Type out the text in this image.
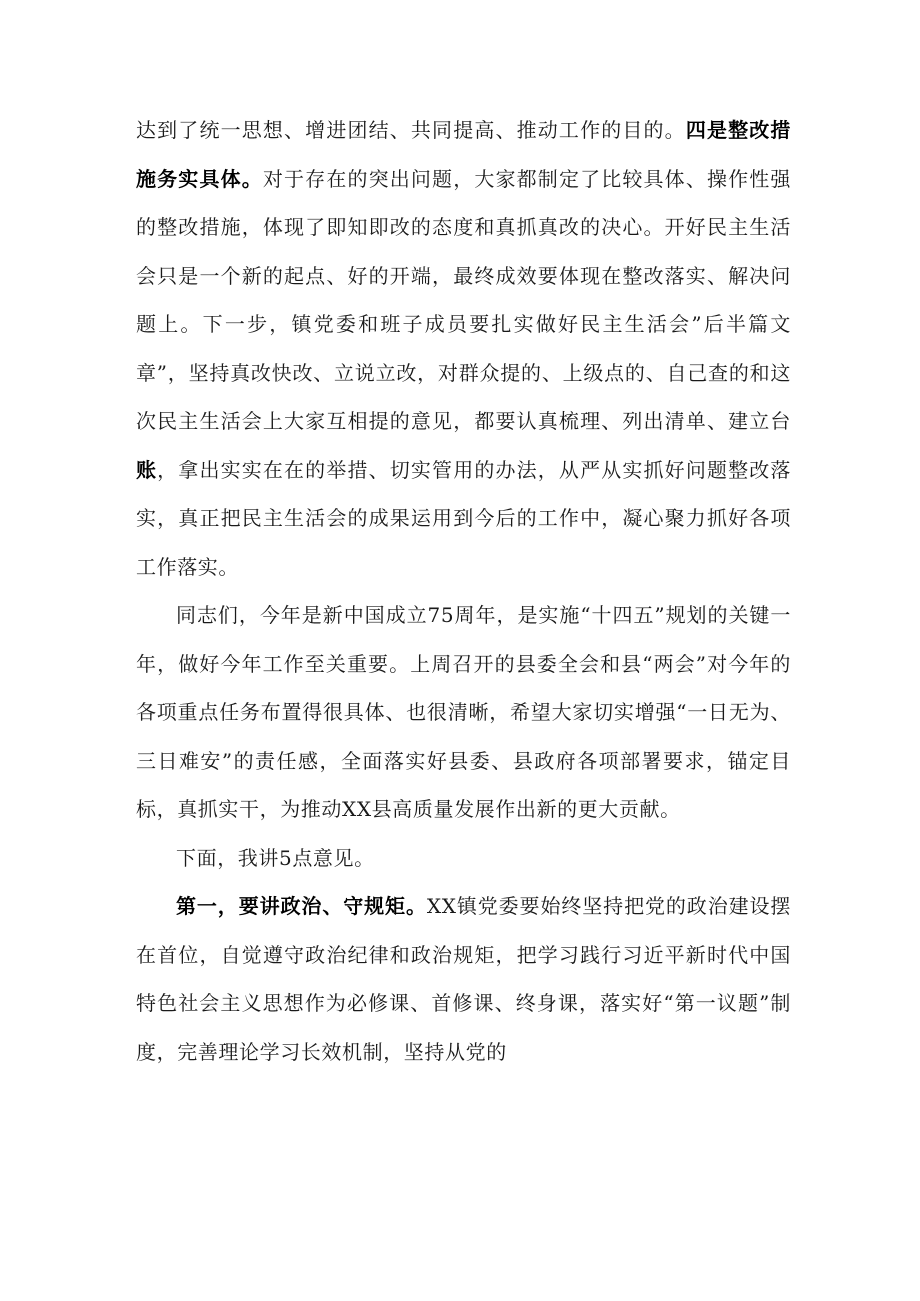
达到了统一思想、增进团结、共同提高、推动工作的目的。四是整改措施务实具体。对于存在的突出问题，大家都制定了比较具体、操作性强的整改措施，体现了即知即改的态度和真抓真改的决心。开好民主生活会只是一个新的起点、好的开端，最终成效要体现在整改落实、解决问题上。下一步，镇党委和班子成员要扎实做好民主生活会”后半篇文章”，坚持真改快改、立说立改，对群众提的、上级点的、自己查的和这次民主生活会上大家互相提的意见，都要认真梳理、列出清单、建立台账，拿出实实在在的举措、切实管用的办法，从严从实抓好问题整改落实，真正把民主生活会的成果运用到今后的工作中，凝心聚力抓好各项工作落实。

同志们，今年是新中国成立75周年，是实施“十四五”规划的关键一年，做好今年工作至关重要。上周召开的县委全会和县“两会”对今年的各项重点任务布置得很具体、也很清晰，希望大家切实增强“一日无为、三日难安”的责任感，全面落实好县委、县政府各项部署要求，锚定目标，真抓实干，为推动XX县高质量发展作出新的更大贡献。

下面，我讲5点意见。

第一，要讲政治、守规矩。XX镇党委要始终坚持把党的政治建设摆在首位，自觉遵守政治纪律和政治规矩，把学习践行习近平新时代中国特色社会主义思想作为必修课、首修课、终身课，落实好“第一议题”制度，完善理论学习长效机制，坚持从党的
